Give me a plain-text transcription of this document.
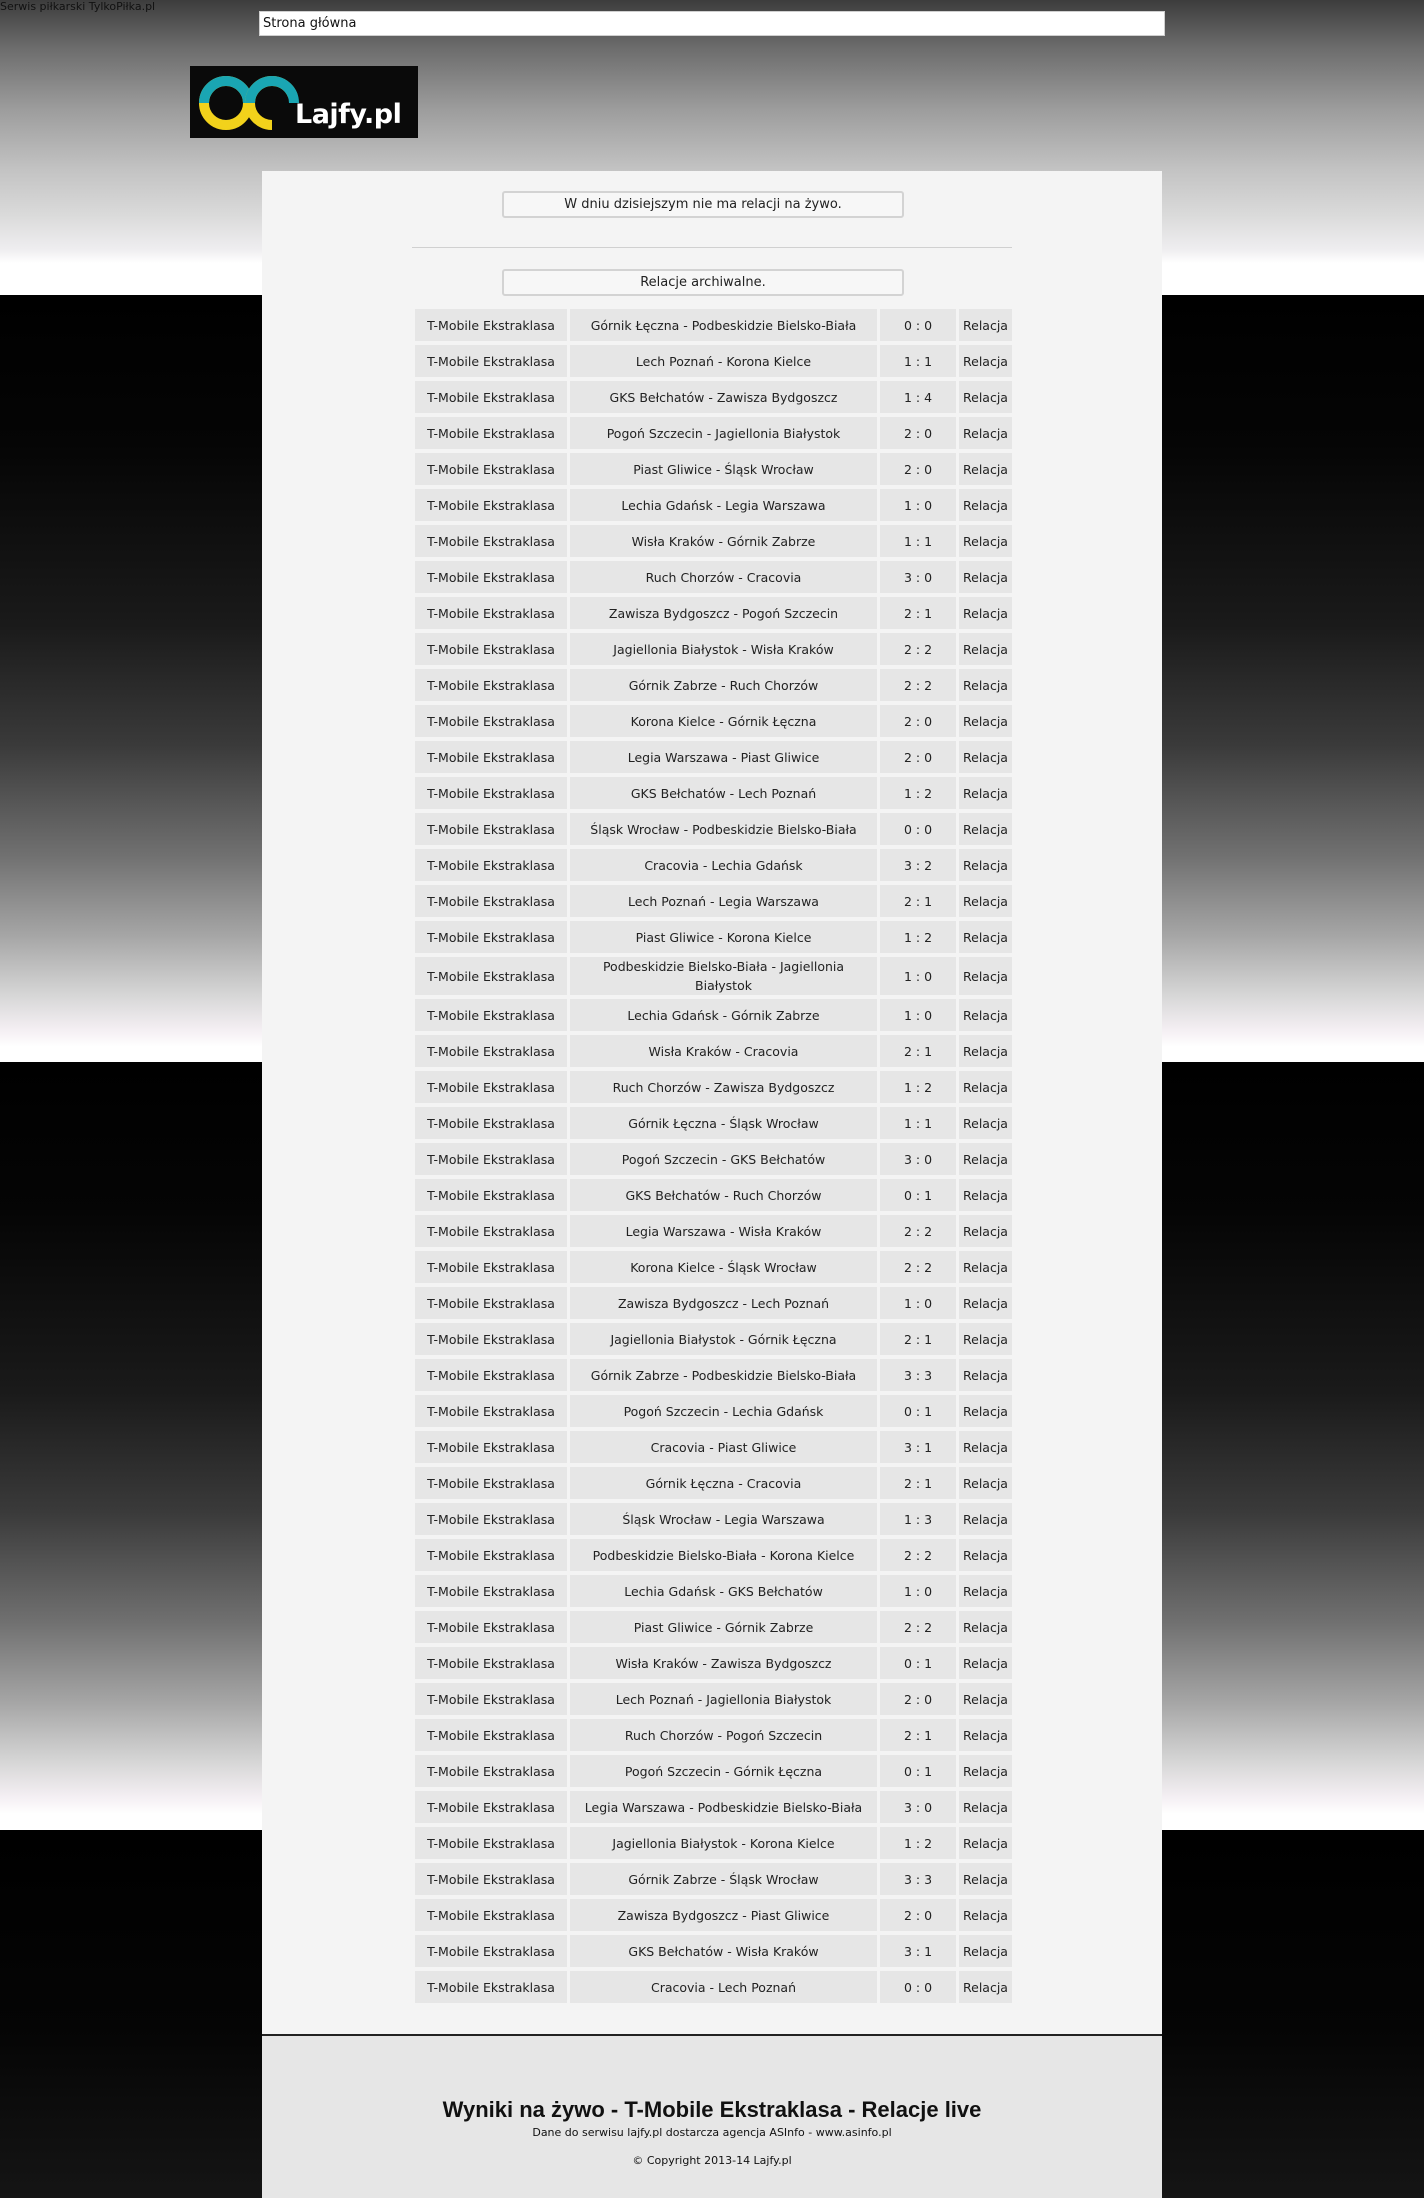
Serwis piłkarski TylkoPiłka.pl
Strona główna
Lajfy.pl
W dniu dzisiejszym nie ma relacji na żywo.
Relacje archiwalne.
T-Mobile Ekstraklasa	Górnik Łęczna - Podbeskidzie Bielsko-Biała	0 : 0	Relacja
T-Mobile Ekstraklasa	Lech Poznań - Korona Kielce	1 : 1	Relacja
T-Mobile Ekstraklasa	GKS Bełchatów - Zawisza Bydgoszcz	1 : 4	Relacja
T-Mobile Ekstraklasa	Pogoń Szczecin - Jagiellonia Białystok	2 : 0	Relacja
T-Mobile Ekstraklasa	Piast Gliwice - Śląsk Wrocław	2 : 0	Relacja
T-Mobile Ekstraklasa	Lechia Gdańsk - Legia Warszawa	1 : 0	Relacja
T-Mobile Ekstraklasa	Wisła Kraków - Górnik Zabrze	1 : 1	Relacja
T-Mobile Ekstraklasa	Ruch Chorzów - Cracovia	3 : 0	Relacja
T-Mobile Ekstraklasa	Zawisza Bydgoszcz - Pogoń Szczecin	2 : 1	Relacja
T-Mobile Ekstraklasa	Jagiellonia Białystok - Wisła Kraków	2 : 2	Relacja
T-Mobile Ekstraklasa	Górnik Zabrze - Ruch Chorzów	2 : 2	Relacja
T-Mobile Ekstraklasa	Korona Kielce - Górnik Łęczna	2 : 0	Relacja
T-Mobile Ekstraklasa	Legia Warszawa - Piast Gliwice	2 : 0	Relacja
T-Mobile Ekstraklasa	GKS Bełchatów - Lech Poznań	1 : 2	Relacja
T-Mobile Ekstraklasa	Śląsk Wrocław - Podbeskidzie Bielsko-Biała	0 : 0	Relacja
T-Mobile Ekstraklasa	Cracovia - Lechia Gdańsk	3 : 2	Relacja
T-Mobile Ekstraklasa	Lech Poznań - Legia Warszawa	2 : 1	Relacja
T-Mobile Ekstraklasa	Piast Gliwice - Korona Kielce	1 : 2	Relacja
T-Mobile Ekstraklasa	Podbeskidzie Bielsko-Biała - Jagiellonia Białystok	1 : 0	Relacja
T-Mobile Ekstraklasa	Lechia Gdańsk - Górnik Zabrze	1 : 0	Relacja
T-Mobile Ekstraklasa	Wisła Kraków - Cracovia	2 : 1	Relacja
T-Mobile Ekstraklasa	Ruch Chorzów - Zawisza Bydgoszcz	1 : 2	Relacja
T-Mobile Ekstraklasa	Górnik Łęczna - Śląsk Wrocław	1 : 1	Relacja
T-Mobile Ekstraklasa	Pogoń Szczecin - GKS Bełchatów	3 : 0	Relacja
T-Mobile Ekstraklasa	GKS Bełchatów - Ruch Chorzów	0 : 1	Relacja
T-Mobile Ekstraklasa	Legia Warszawa - Wisła Kraków	2 : 2	Relacja
T-Mobile Ekstraklasa	Korona Kielce - Śląsk Wrocław	2 : 2	Relacja
T-Mobile Ekstraklasa	Zawisza Bydgoszcz - Lech Poznań	1 : 0	Relacja
T-Mobile Ekstraklasa	Jagiellonia Białystok - Górnik Łęczna	2 : 1	Relacja
T-Mobile Ekstraklasa	Górnik Zabrze - Podbeskidzie Bielsko-Biała	3 : 3	Relacja
T-Mobile Ekstraklasa	Pogoń Szczecin - Lechia Gdańsk	0 : 1	Relacja
T-Mobile Ekstraklasa	Cracovia - Piast Gliwice	3 : 1	Relacja
T-Mobile Ekstraklasa	Górnik Łęczna - Cracovia	2 : 1	Relacja
T-Mobile Ekstraklasa	Śląsk Wrocław - Legia Warszawa	1 : 3	Relacja
T-Mobile Ekstraklasa	Podbeskidzie Bielsko-Biała - Korona Kielce	2 : 2	Relacja
T-Mobile Ekstraklasa	Lechia Gdańsk - GKS Bełchatów	1 : 0	Relacja
T-Mobile Ekstraklasa	Piast Gliwice - Górnik Zabrze	2 : 2	Relacja
T-Mobile Ekstraklasa	Wisła Kraków - Zawisza Bydgoszcz	0 : 1	Relacja
T-Mobile Ekstraklasa	Lech Poznań - Jagiellonia Białystok	2 : 0	Relacja
T-Mobile Ekstraklasa	Ruch Chorzów - Pogoń Szczecin	2 : 1	Relacja
T-Mobile Ekstraklasa	Pogoń Szczecin - Górnik Łęczna	0 : 1	Relacja
T-Mobile Ekstraklasa	Legia Warszawa - Podbeskidzie Bielsko-Biała	3 : 0	Relacja
T-Mobile Ekstraklasa	Jagiellonia Białystok - Korona Kielce	1 : 2	Relacja
T-Mobile Ekstraklasa	Górnik Zabrze - Śląsk Wrocław	3 : 3	Relacja
T-Mobile Ekstraklasa	Zawisza Bydgoszcz - Piast Gliwice	2 : 0	Relacja
T-Mobile Ekstraklasa	GKS Bełchatów - Wisła Kraków	3 : 1	Relacja
T-Mobile Ekstraklasa	Cracovia - Lech Poznań	0 : 0	Relacja
Wyniki na żywo - T-Mobile Ekstraklasa - Relacje live
Dane do serwisu lajfy.pl dostarcza agencja ASInfo - www.asinfo.pl
© Copyright 2013-14 Lajfy.pl
